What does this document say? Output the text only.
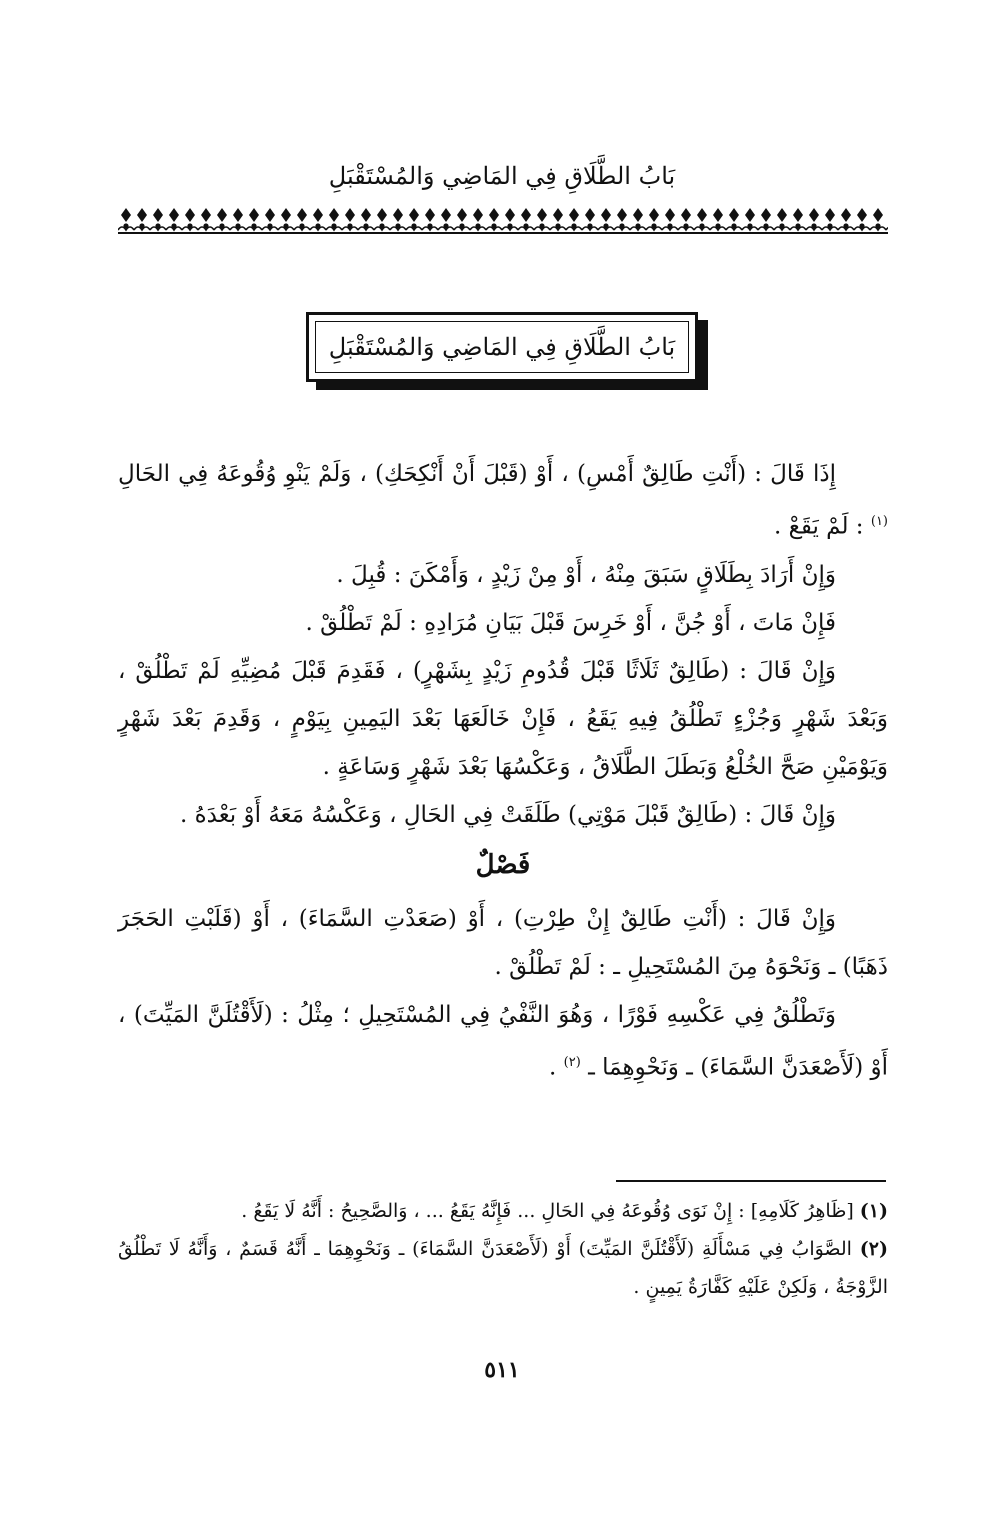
بَابُ الطَّلَاقِ فِي المَاضِي وَالمُسْتَقْبَلِ
بَابُ الطَّلَاقِ فِي المَاضِي وَالمُسْتَقْبَلِ

إِذَا قَالَ : (أَنْتِ طَالِقٌ أَمْسِ) ، أَوْ (قَبْلَ أَنْ أَنْكِحَكِ) ، وَلَمْ يَنْوِ وُقُوعَهُ فِي الحَالِ $^{(١)}$ : لَمْ يَقَعْ .

وَإِنْ أَرَادَ بِطَلَاقٍ سَبَقَ مِنْهُ ، أَوْ مِنْ زَيْدٍ ، وَأَمْكَنَ : قُبِلَ .

فَإِنْ مَاتَ ، أَوْ جُنَّ ، أَوْ خَرِسَ قَبْلَ بَيَانِ مُرَادِهِ : لَمْ تَطْلُقْ .

وَإِنْ قَالَ : (طَالِقٌ ثَلَاثًا قَبْلَ قُدُومِ زَيْدٍ بِشَهْرٍ) ، فَقَدِمَ قَبْلَ مُضِيِّهِ لَمْ تَطْلُقْ ، وَبَعْدَ شَهْرٍ وَجُزْءٍ تَطْلُقُ فِيهِ يَقَعُ ، فَإِنْ خَالَعَهَا بَعْدَ اليَمِينِ بِيَوْمٍ ، وَقَدِمَ بَعْدَ شَهْرٍ وَيَوْمَيْنِ صَحَّ الخُلْعُ وَبَطَلَ الطَّلَاقُ ، وَعَكْسُهَا بَعْدَ شَهْرٍ وَسَاعَةٍ .

وَإِنْ قَالَ : (طَالِقٌ قَبْلَ مَوْتِي) طَلَقَتْ فِي الحَالِ ، وَعَكْسُهُ مَعَهُ أَوْ بَعْدَهُ .

فَصْلٌ

وَإِنْ قَالَ : (أَنْتِ طَالِقٌ إِنْ طِرْتِ) ، أَوْ (صَعَدْتِ السَّمَاءَ) ، أَوْ (قَلَبْتِ الحَجَرَ ذَهَبًا) ـ وَنَحْوَهُ مِنَ المُسْتَحِيلِ ـ : لَمْ تَطْلُقْ .

وَتَطْلُقُ فِي عَكْسِهِ فَوْرًا ، وَهُوَ النَّفْيُ فِي المُسْتَحِيلِ ؛ مِثْلُ : (لَأَقْتُلَنَّ المَيِّتَ) ، أَوْ (لَأَصْعَدَنَّ السَّمَاءَ) ـ وَنَحْوِهِمَا ـ $^{(٢)}$ .

(١) [ظَاهِرُ كَلَامِهِ] : إِنْ نَوَى وُقُوعَهُ فِي الحَالِ ... فَإِنَّهُ يَقَعُ ... ، وَالصَّحِيحُ : أَنَّهُ لَا يَقَعُ .

(٢) الصَّوَابُ فِي مَسْأَلَةِ (لَأَقْتُلَنَّ المَيِّتَ) أَوْ (لَأَصْعَدَنَّ السَّمَاءَ) ـ وَنَحْوِهِمَا ـ أَنَّهُ قَسَمٌ ، وَأَنَّهُ لَا تَطْلُقُ الزَّوْجَةُ ، وَلَكِنْ عَلَيْهِ كَفَّارَةُ يَمِينٍ .

٥١١
